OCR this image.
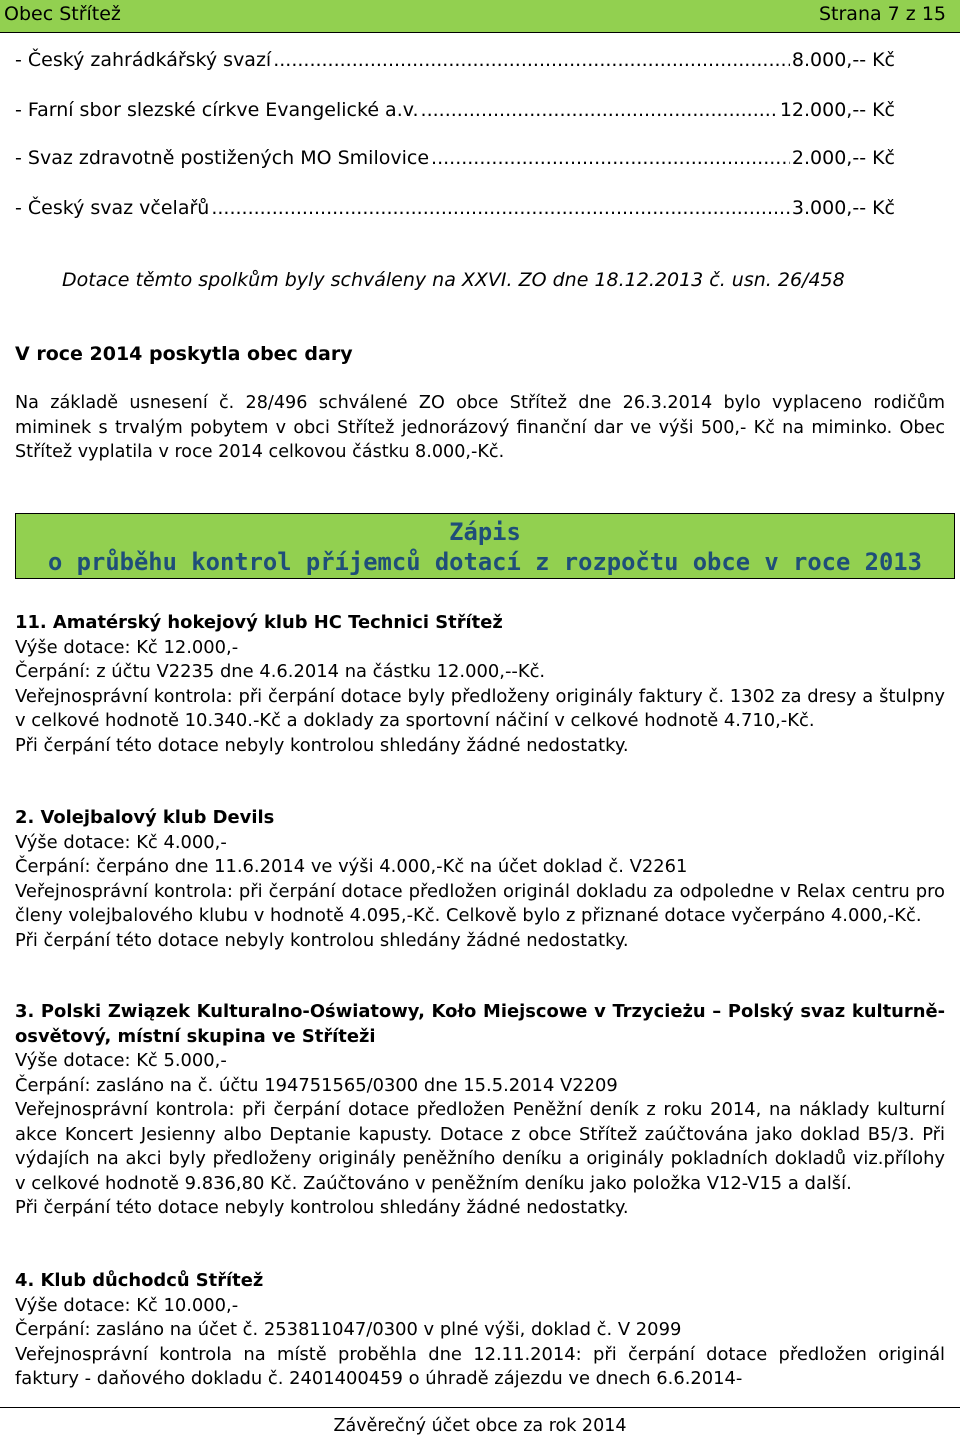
Obec Střítež	Strana 7 z 15
- Český zahrádkářský svazí .....	8.000,-- Kč
- Farní sbor slezské církve Evangelické a.v. .....	12.000,-- Kč
- Svaz zdravotně postižených MO Smilovice .....	2.000,-- Kč
- Český svaz včelařů .....	3.000,-- Kč
Dotace těmto spolkům byly schváleny na XXVI. ZO dne 18.12.2013 č. usn. 26/458
V roce 2014 poskytla obec dary
Na základě usnesení č. 28/496 schválené ZO obce Střítež dne 26.3.2014 bylo vyplaceno rodičům miminek s trvalým pobytem v obci Střítež jednorázový finanční dar ve výši 500,- Kč na miminko. Obec Střítež vyplatila v roce 2014 celkovou částku 8.000,-Kč.
Zápis
o průběhu kontrol příjemců dotací z rozpočtu obce v roce 2013
11. Amatérský hokejový klub HC Technici Střítež
Výše dotace: Kč 12.000,-
Čerpání: z účtu V2235 dne 4.6.2014 na částku 12.000,--Kč.
Veřejnosprávní kontrola: při čerpání dotace byly předloženy originály faktury č. 1302 za dresy a štulpny v celkové hodnotě 10.340.-Kč a doklady za sportovní náčiní v celkové hodnotě 4.710,-Kč.
Při čerpání této dotace nebyly kontrolou shledány žádné nedostatky.
2. Volejbalový klub Devils
Výše dotace: Kč 4.000,-
Čerpání: čerpáno dne 11.6.2014 ve výši 4.000,-Kč na účet doklad č. V2261
Veřejnosprávní kontrola: při čerpání dotace předložen originál dokladu za odpoledne v Relax centru pro členy volejbalového klubu v hodnotě 4.095,-Kč. Celkově bylo z přiznané dotace vyčerpáno 4.000,-Kč.
Při čerpání této dotace nebyly kontrolou shledány žádné nedostatky.
3. Polski Związek Kulturalno-Oświatowy, Koło Miejscowe v Trzycieżu – Polský svaz kulturně-osvětový, místní skupina ve Stříteži
Výše dotace: Kč 5.000,-
Čerpání: zasláno na č. účtu 194751565/0300 dne 15.5.2014 V2209
Veřejnosprávní kontrola: při čerpání dotace předložen Peněžní deník z roku 2014, na náklady kulturní akce Koncert Jesienny albo Deptanie kapusty. Dotace z obce Střítež zaúčtována jako doklad B5/3. Při výdajích na akci byly předloženy originály peněžního deníku a originály pokladních dokladů viz.přílohy v celkové hodnotě 9.836,80 Kč. Zaúčtováno v peněžním deníku jako položka V12-V15 a další.
Při čerpání této dotace nebyly kontrolou shledány žádné nedostatky.
4. Klub důchodců Střítež
Výše dotace: Kč 10.000,-
Čerpání: zasláno na účet č. 253811047/0300 v plné výši, doklad č. V 2099
Veřejnosprávní kontrola na místě proběhla dne 12.11.2014: při čerpání dotace předložen originál faktury - daňového dokladu č. 2401400459 o úhradě zájezdu ve dnech 6.6.2014-
Závěrečný účet obce za rok 2014
